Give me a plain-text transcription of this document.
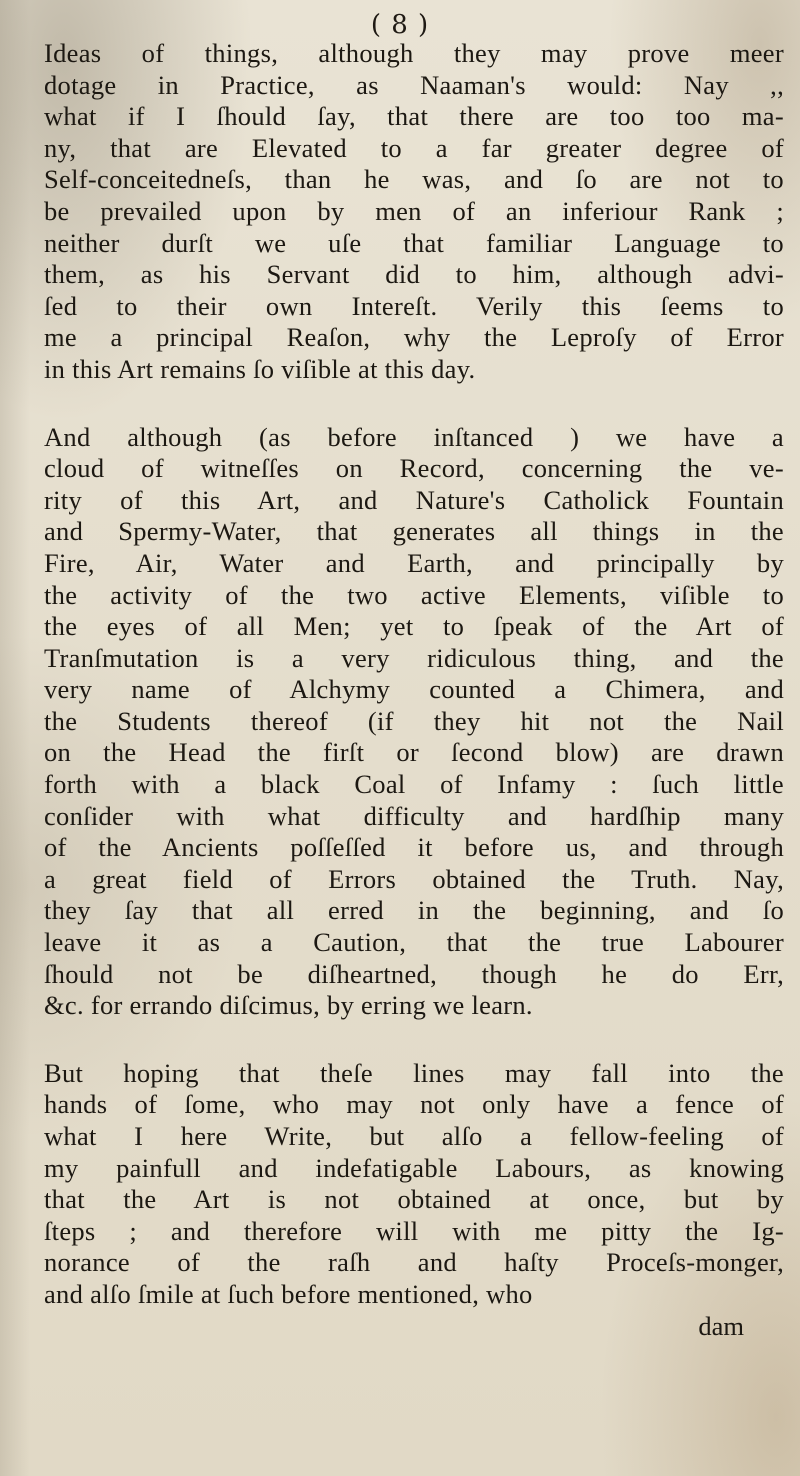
( 8 )
Ideas of things, although they may prove meer
dotage in Practice, as Naaman's would: Nay ,,
what if I ſhould ſay, that there are too too ma-
ny, that are Elevated to a far greater degree of
Self-conceitedneſs, than he was, and ſo are not to
be prevailed upon by men of an inferiour Rank ;
neither durſt we uſe that familiar Language to
them, as his Servant did to him, although advi-
ſed to their own Intereſt. Verily this ſeems to
me a principal Reaſon, why the Leproſy of Error
in this Art remains ſo viſible at this day.
And although (as before inſtanced ) we have a
cloud of witneſſes on Record, concerning the ve-
rity of this Art, and Nature's Catholick Fountain
and Spermy-Water, that generates all things in the
Fire, Air, Water and Earth, and principally by
the activity of the two active Elements, viſible to
the eyes of all Men; yet to ſpeak of the Art of
Tranſmutation is a very ridiculous thing, and the
very name of Alchymy counted a Chimera, and
the Students thereof (if they hit not the Nail
on the Head the firſt or ſecond blow) are drawn
forth with a black Coal of Infamy : ſuch little
conſider with what difficulty and hardſhip many
of the Ancients poſſeſſed it before us, and through
a great field of Errors obtained the Truth. Nay,
they ſay that all erred in the beginning, and ſo
leave it as a Caution, that the true Labourer
ſhould not be diſheartned, though he do Err,
&c. for errando diſcimus, by erring we learn.
But hoping that theſe lines may fall into the
hands of ſome, who may not only have a fence of
what I here Write, but alſo a fellow-feeling of
my painfull and indefatigable Labours, as knowing
that the Art is not obtained at once, but by
ſteps ; and therefore will with me pitty the Ig-
norance of the raſh and haſty Proceſs-monger,
and alſo ſmile at ſuch before mentioned, who
dam
